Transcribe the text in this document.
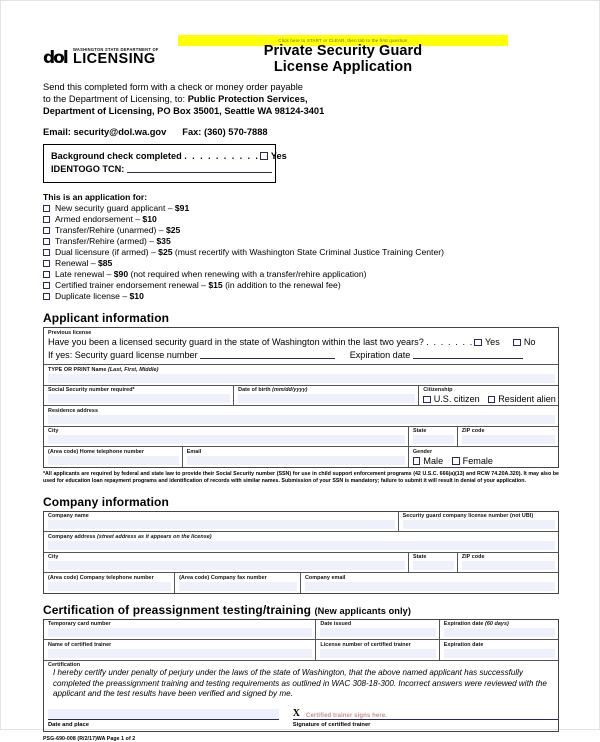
Click here to START or CLEAR, then tab to the first question
dol WASHINGTON STATE DEPARTMENT OF
LICENSING	Private Security Guard
License Application
Send this completed form with a check or money order payable
to the Department of Licensing, to: Public Protection Services,
Department of Licensing, PO Box 35001, Seattle WA 98124-3401
Email: security@dol.wa.gov Fax: (360) 570-7888
Background check completed . . . . . . . . . . Yes
IDENTOGO TCN:
This is an application for:
New security guard applicant – $91
Armed endorsement – $10
Transfer/Rehire (unarmed) – $25
Transfer/Rehire (armed) – $35
Dual licensure (if armed) – $25 (must recertify with Washington State Criminal Justice Training Center)
Renewal – $85
Late renewal – $90 (not required when renewing with a transfer/rehire application)
Certified trainer endorsement renewal – $15 (in addition to the renewal fee)
Duplicate license – $10
Applicant information
Previous license
Have you been a licensed security guard in the state of Washington within the last two years? . . . . . . . Yes	No
If yes: Security guard license number	Expiration date
TYPE OR PRINT Name (Last, First, Middle)
Social Security number required*	Date of birth (mm/dd/yyyy)	Citizenship
U.S. citizen Resident alien
Residence address
City	State	ZIP code
(Area code) Home telephone number	Email	Gender
Male Female
*All applicants are required by federal and state law to provide their Social Security number (SSN) for use in child support enforcement programs (42 U.S.C. 666(a)(13) and RCW 74.20A.320). It may also be used for education loan repayment programs and identification of records with similar names. Submission of your SSN is mandatory; failure to submit it will result in denial of your application.
Company information
Company name	Security guard company license number (not UBI)
Company address (street address as it appears on the license)
City	State	ZIP code
(Area code) Company telephone number	(Area code) Company fax number	Company email
Certification of preassignment testing/training (New applicants only)
Temporary card number	Date issued	Expiration date (60 days)
Name of certified trainer	License number of certified trainer	Expiration date
Certification
I hereby certify under penalty of perjury under the laws of the state of Washington, that the above named applicant has successfully completed the preassignment training and testing requirements as outlined in WAC 308-18-300. Incorrect answers were reviewed with the applicant and the test results have been verified and signed by me.
Date and place
X Certified trainer signs here.
Signature of certified trainer
PSG-690-008 (R/2/17)WA Page 1 of 2
